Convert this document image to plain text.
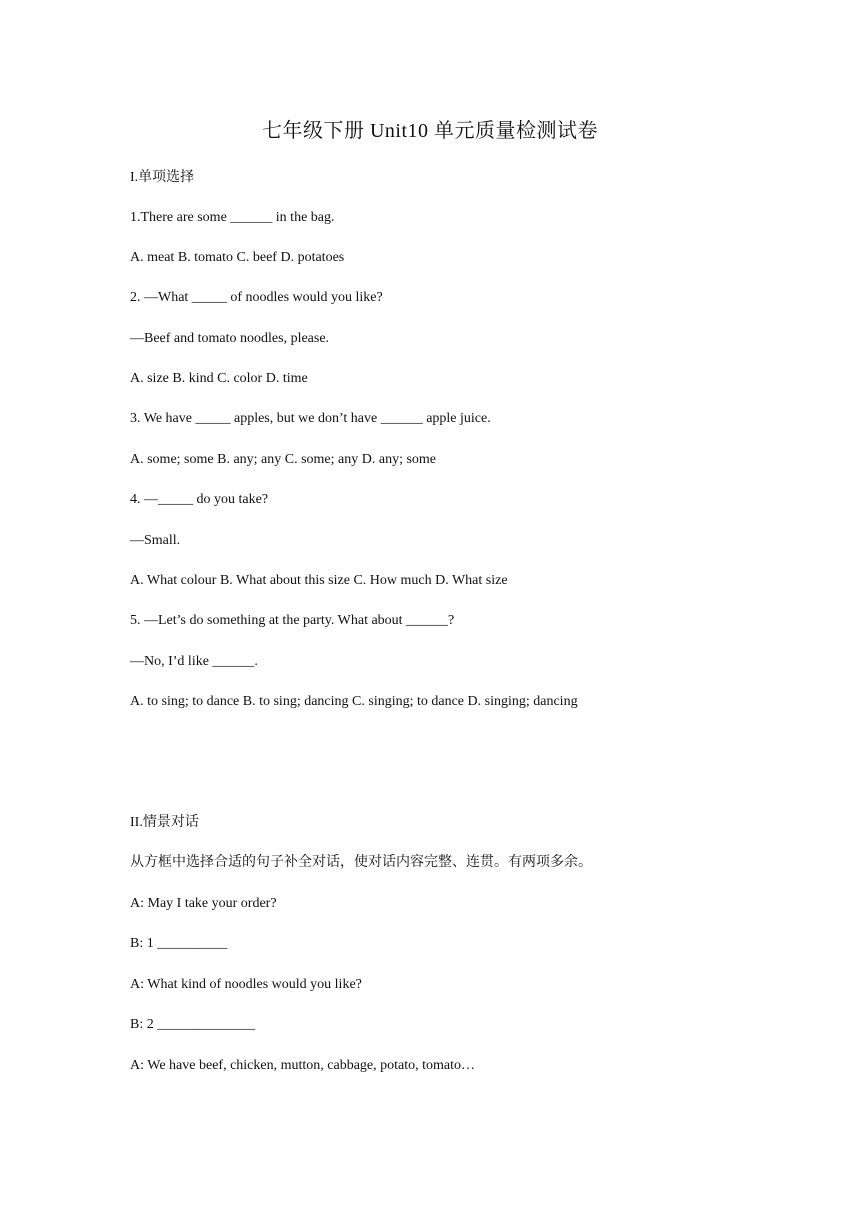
七年级下册 Unit10 单元质量检测试卷
I.单项选择
1.There are some ______ in the bag.
A. meat B. tomato C. beef D. potatoes
2. —What _____ of noodles would you like?
—Beef and tomato noodles, please.
A. size B. kind C. color D. time
3. We have _____ apples, but we don’t have ______ apple juice.
A. some; some B. any; any C. some; any D. any; some
4. —_____ do you take?
—Small.
A. What colour B. What about this size C. How much D. What size
5. —Let’s do something at the party. What about ______?
—No, I’d like ______.
A. to sing; to dance B. to sing; dancing C. singing; to dance D. singing; dancing
II.情景对话
从方框中选择合适的句子补全对话，使对话内容完整、连贯。有两项多余。
A: May I take your order?
B: 1 __________
A: What kind of noodles would you like?
B: 2 ______________
A: We have beef, chicken, mutton, cabbage, potato, tomato…
